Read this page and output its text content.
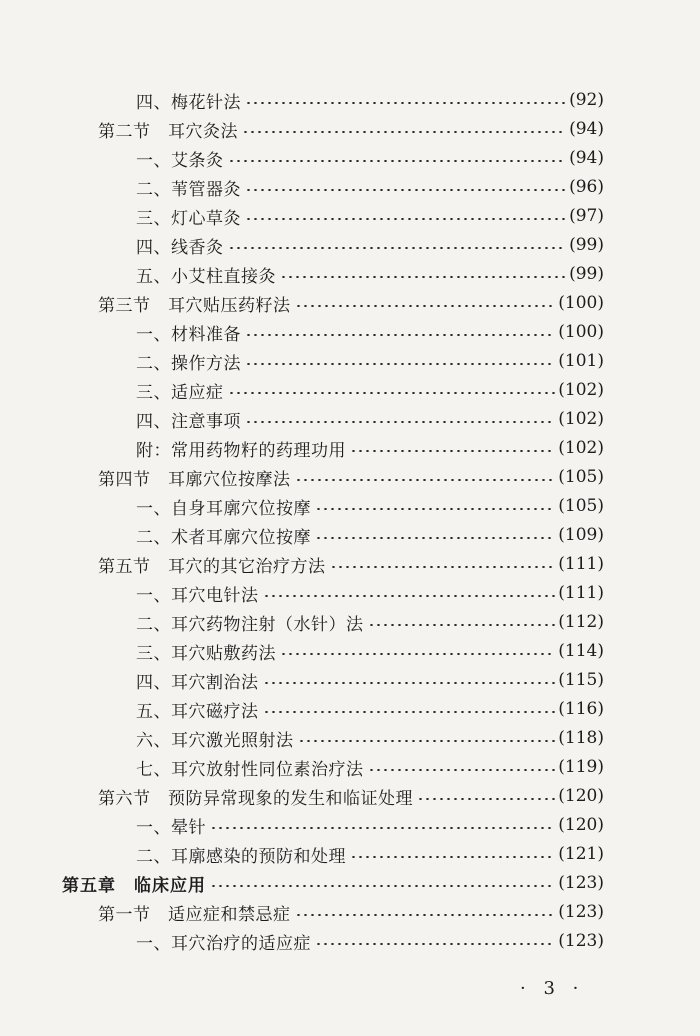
四、梅花针法	(92)
第二节　耳穴灸法	(94)
一、艾条灸	(94)
二、苇管器灸	(96)
三、灯心草灸	(97)
四、线香灸	(99)
五、小艾柱直接灸	(99)
第三节　耳穴贴压药籽法	(100)
一、材料准备	(100)
二、操作方法	(101)
三、适应症	(102)
四、注意事项	(102)
附：常用药物籽的药理功用	(102)
第四节　耳廓穴位按摩法	(105)
一、自身耳廓穴位按摩	(105)
二、术者耳廓穴位按摩	(109)
第五节　耳穴的其它治疗方法	(111)
一、耳穴电针法	(111)
二、耳穴药物注射（水针）法	(112)
三、耳穴贴敷药法	(114)
四、耳穴割治法	(115)
五、耳穴磁疗法	(116)
六、耳穴激光照射法	(118)
七、耳穴放射性同位素治疗法	(119)
第六节　预防异常现象的发生和临证处理	(120)
一、晕针	(120)
二、耳廓感染的预防和处理	(121)
第五章　临床应用	(123)
第一节　适应症和禁忌症	(123)
一、耳穴治疗的适应症	(123)
· 3 ·
